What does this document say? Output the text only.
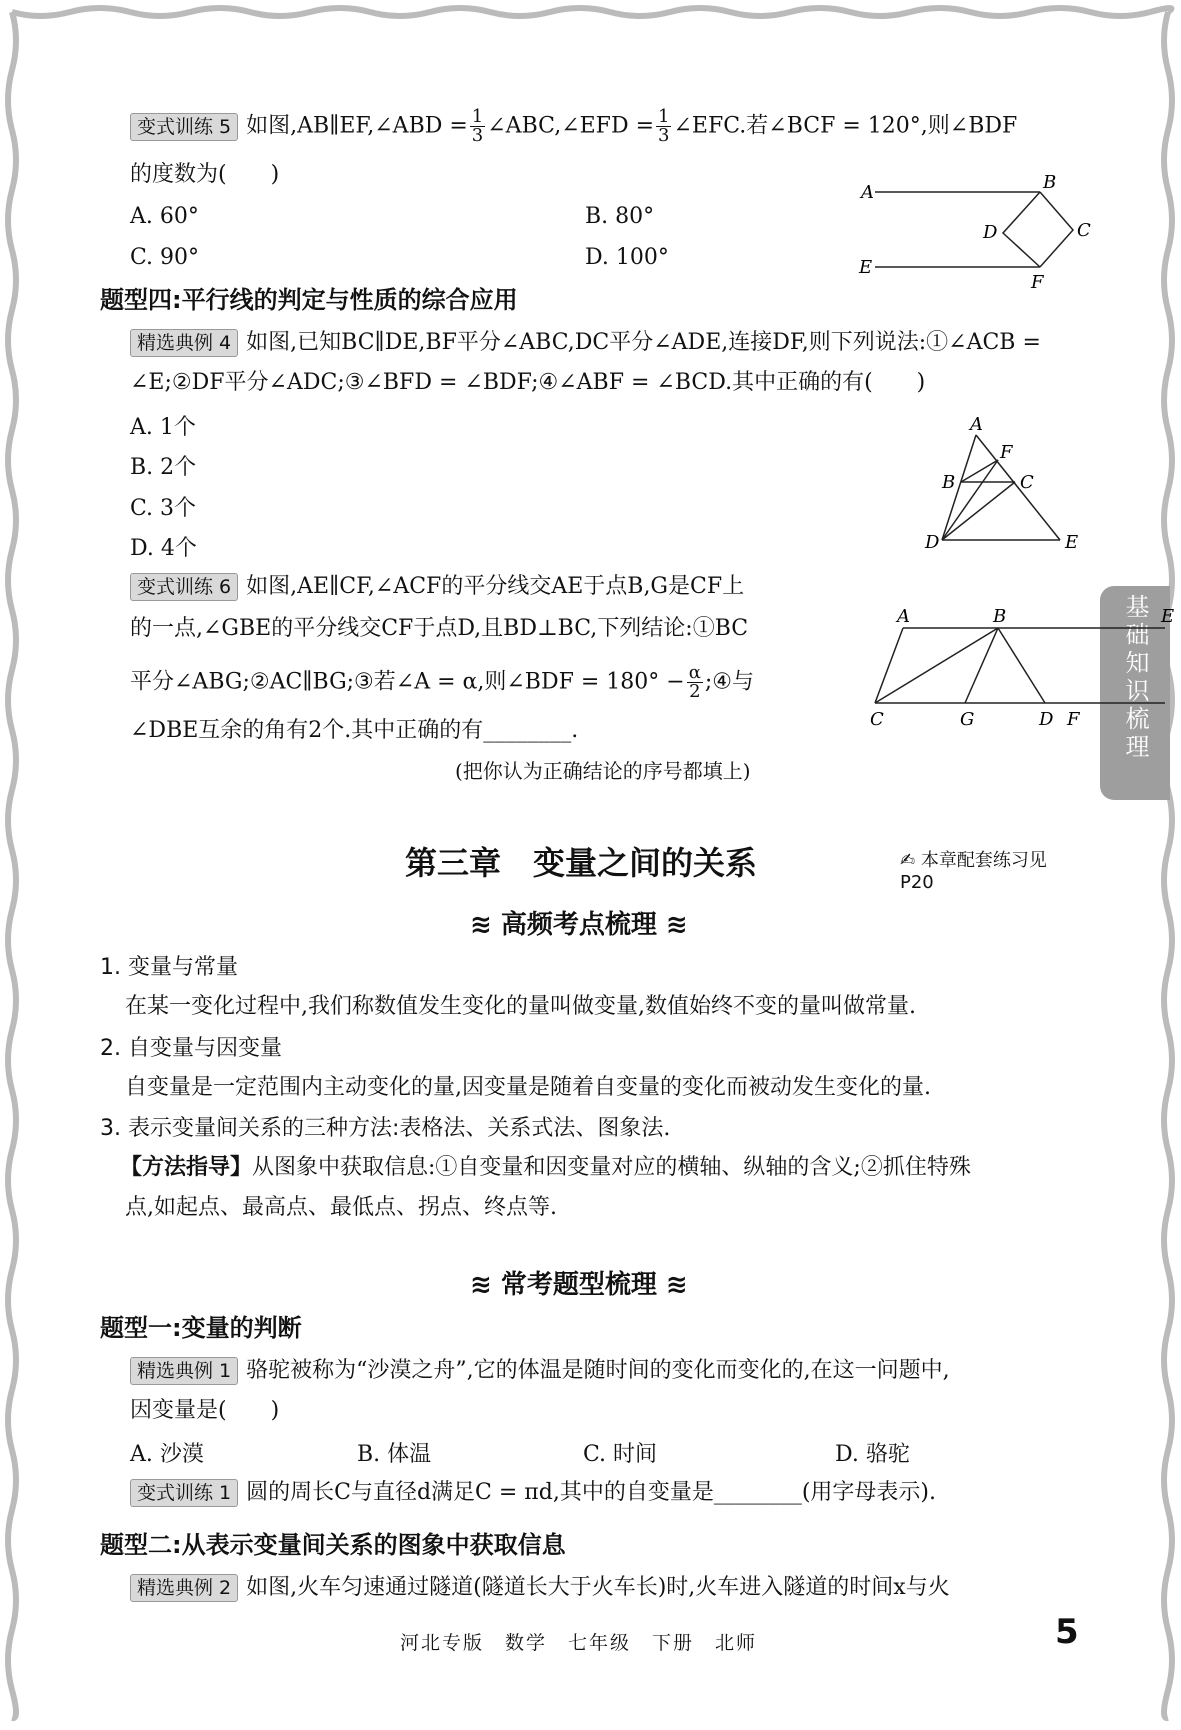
基础知识梳理
变式训练 5 如图,AB∥EF,∠ABD = $\frac{1}{3}$ ∠ABC,∠EFD = $\frac{1}{3}$ ∠EFC.若∠BCF = 120°,则∠BDF
的度数为(　　)
A. 60°	B. 80°
C. 90°	D. 100°
A	B
C
D
E
F
题型四:平行线的判定与性质的综合应用
精选典例 4 如图,已知BC∥DE,BF平分∠ABC,DC平分∠ADE,连接DF,则下列说法:①∠ACB =
∠E;②DF平分∠ADC;③∠BFD = ∠BDF;④∠ABF = ∠BCD.其中正确的有(　　)
A. 1个
B. 2个
C. 3个
D. 4个
A
F
B	C
D	E
变式训练 6 如图,AE∥CF,∠ACF的平分线交AE于点B,G是CF上
的一点,∠GBE的平分线交CF于点D,且BD⊥BC,下列结论:①BC
平分∠ABG;②AC∥BG;③若∠A = α,则∠BDF = $180^\circ - \frac{\alpha}{2}$ ;④与
∠DBE互余的角有2个.其中正确的有________.
(把你认为正确结论的序号都填上)
A	B	E
C	G	D F
第三章　变量之间的关系	✍ 本章配套练习见P20
≋ 高频考点梳理 ≋
1. 变量与常量
在某一变化过程中,我们称数值发生变化的量叫做变量,数值始终不变的量叫做常量.
2. 自变量与因变量
自变量是一定范围内主动变化的量,因变量是随着自变量的变化而被动发生变化的量.
3. 表示变量间关系的三种方法:表格法、关系式法、图象法.
【方法指导】从图象中获取信息:①自变量和因变量对应的横轴、纵轴的含义;②抓住特殊
点,如起点、最高点、最低点、拐点、终点等.
≋ 常考题型梳理 ≋
题型一:变量的判断
精选典例 1 骆驼被称为“沙漠之舟”,它的体温是随时间的变化而变化的,在这一问题中,
因变量是(　　)
A. 沙漠	B. 体温	C. 时间	D. 骆驼
变式训练 1 圆的周长C与直径d满足C = πd,其中的自变量是________(用字母表示).
题型二:从表示变量间关系的图象中获取信息
精选典例 2 如图,火车匀速通过隧道(隧道长大于火车长)时,火车进入隧道的时间x与火
河北专版　数学　七年级　下册　北师	5
